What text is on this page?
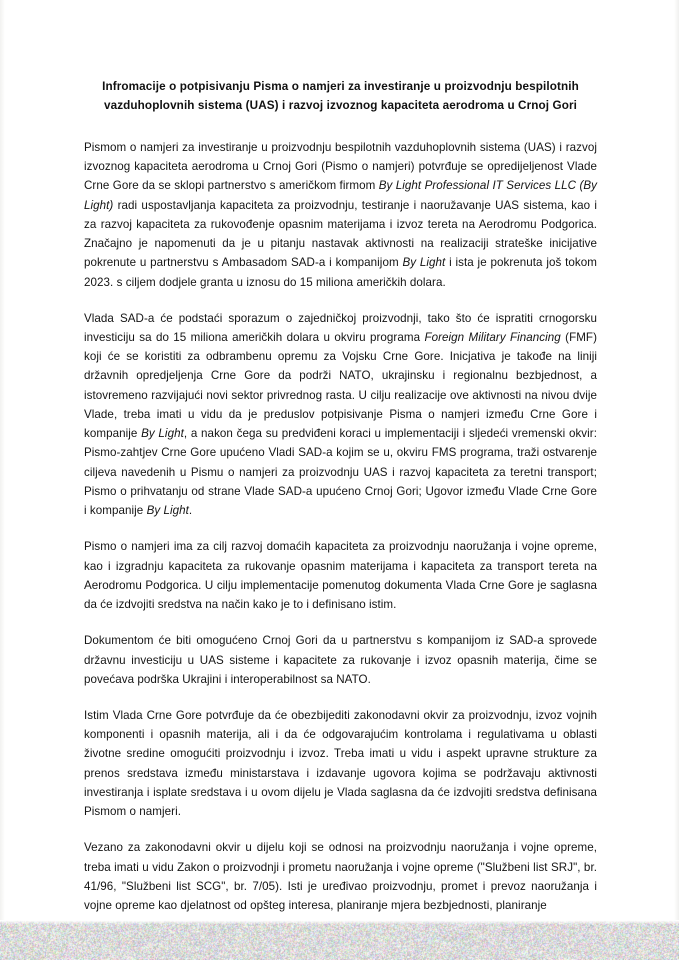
Infromacije o potpisivanju Pisma o namjeri za investiranje u proizvodnju bespilotnih vazduhoplovnih sistema (UAS) i razvoj izvoznog kapaciteta aerodroma u Crnoj Gori

Pismom o namjeri za investiranje u proizvodnju bespilotnih vazduhoplovnih sistema (UAS) i razvoj izvoznog kapaciteta aerodroma u Crnoj Gori (Pismo o namjeri) potvrđuje se opredijeljenost Vlade Crne Gore da se sklopi partnerstvo s američkom firmom By Light Professional IT Services LLC (By Light) radi uspostavljanja kapaciteta za proizvodnju, testiranje i naoružavanje UAS sistema, kao i za razvoj kapaciteta za rukovođenje opasnim materijama i izvoz tereta na Aerodromu Podgorica. Značajno je napomenuti da je u pitanju nastavak aktivnosti na realizaciji strateške inicijative pokrenute u partnerstvu s Ambasadom SAD-a i kompanijom By Light i ista je pokrenuta još tokom 2023. s ciljem dodjele granta u iznosu do 15 miliona američkih dolara.

Vlada SAD-a će podstaći sporazum o zajedničkoj proizvodnji, tako što će ispratiti crnogorsku investiciju sa do 15 miliona američkih dolara u okviru programa Foreign Military Financing (FMF) koji će se koristiti za odbrambenu opremu za Vojsku Crne Gore. Inicjativa je takođe na liniji državnih opredjeljenja Crne Gore da podrži NATO, ukrajinsku i regionalnu bezbjednost, a istovremeno razvijajući novi sektor privrednog rasta. U cilju realizacije ove aktivnosti na nivou dvije Vlade, treba imati u vidu da je preduslov potpisivanje Pisma o namjeri između Crne Gore i kompanije By Light, a nakon čega su predviđeni koraci u implementaciji i sljedeći vremenski okvir: Pismo-zahtjev Crne Gore upućeno Vladi SAD-a kojim se u, okviru FMS programa, traži ostvarenje ciljeva navedenih u Pismu o namjeri za proizvodnju UAS i razvoj kapaciteta za teretni transport; Pismo o prihvatanju od strane Vlade SAD-a upućeno Crnoj Gori; Ugovor između Vlade Crne Gore i kompanije By Light.

Pismo o namjeri ima za cilj razvoj domaćih kapaciteta za proizvodnju naoružanja i vojne opreme, kao i izgradnju kapaciteta za rukovanje opasnim materijama i kapaciteta za transport tereta na Aerodromu Podgorica. U cilju implementacije pomenutog dokumenta Vlada Crne Gore je saglasna da će izdvojiti sredstva na način kako je to i definisano istim.

Dokumentom će biti omogućeno Crnoj Gori da u partnerstvu s kompanijom iz SAD-a sprovede državnu investiciju u UAS sisteme i kapacitete za rukovanje i izvoz opasnih materija, čime se povećava podrška Ukrajini i interoperabilnost sa NATO.

Istim Vlada Crne Gore potvrđuje da će obezbijediti zakonodavni okvir za proizvodnju, izvoz vojnih komponenti i opasnih materija, ali i da će odgovarajućim kontrolama i regulativama u oblasti životne sredine omogućiti proizvodnju i izvoz. Treba imati u vidu i aspekt upravne strukture za prenos sredstava između ministarstava i izdavanje ugovora kojima se podržavaju aktivnosti investiranja i isplate sredstava i u ovom dijelu je Vlada saglasna da će izdvojiti sredstva definisana Pismom o namjeri.

Vezano za zakonodavni okvir u dijelu koji se odnosi na proizvodnju naoružanja i vojne opreme, treba imati u vidu Zakon o proizvodnji i prometu naoružanja i vojne opreme ("Službeni list SRJ", br. 41/96, "Službeni list SCG", br. 7/05). Isti je uređivao proizvodnju, promet i prevoz naoružanja i vojne opreme kao djelatnost od opšteg interesa, planiranje mjera bezbjednosti, planiranje
